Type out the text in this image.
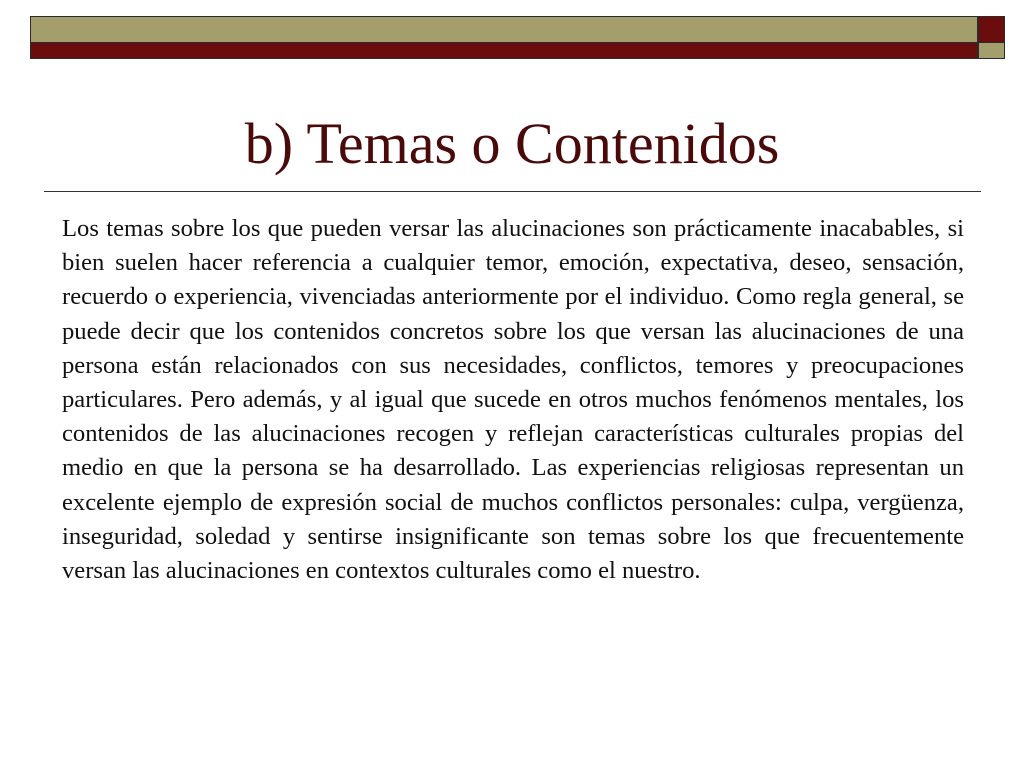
b) Temas o Contenidos

Los temas sobre los que pueden versar las alucinaciones son prácticamente inacabables, si bien suelen hacer referencia a cualquier temor, emoción, expectativa, deseo, sensación, recuerdo o experiencia, vivenciadas anteriormente por el individuo. Como regla general, se puede decir que los contenidos concretos sobre los que versan las alucinaciones de una persona están relacionados con sus necesidades, conflictos, temores y preocupaciones particulares. Pero además, y al igual que sucede en otros muchos fenómenos mentales, los contenidos de las alucinaciones recogen y reflejan características culturales propias del medio en que la persona se ha desarrollado. Las experiencias religiosas representan un excelente ejemplo de expresión social de muchos conflictos personales: culpa, vergüenza, inseguridad, soledad y sentirse insignificante son temas sobre los que frecuentemente versan las alucinaciones en contextos culturales como el nuestro.
